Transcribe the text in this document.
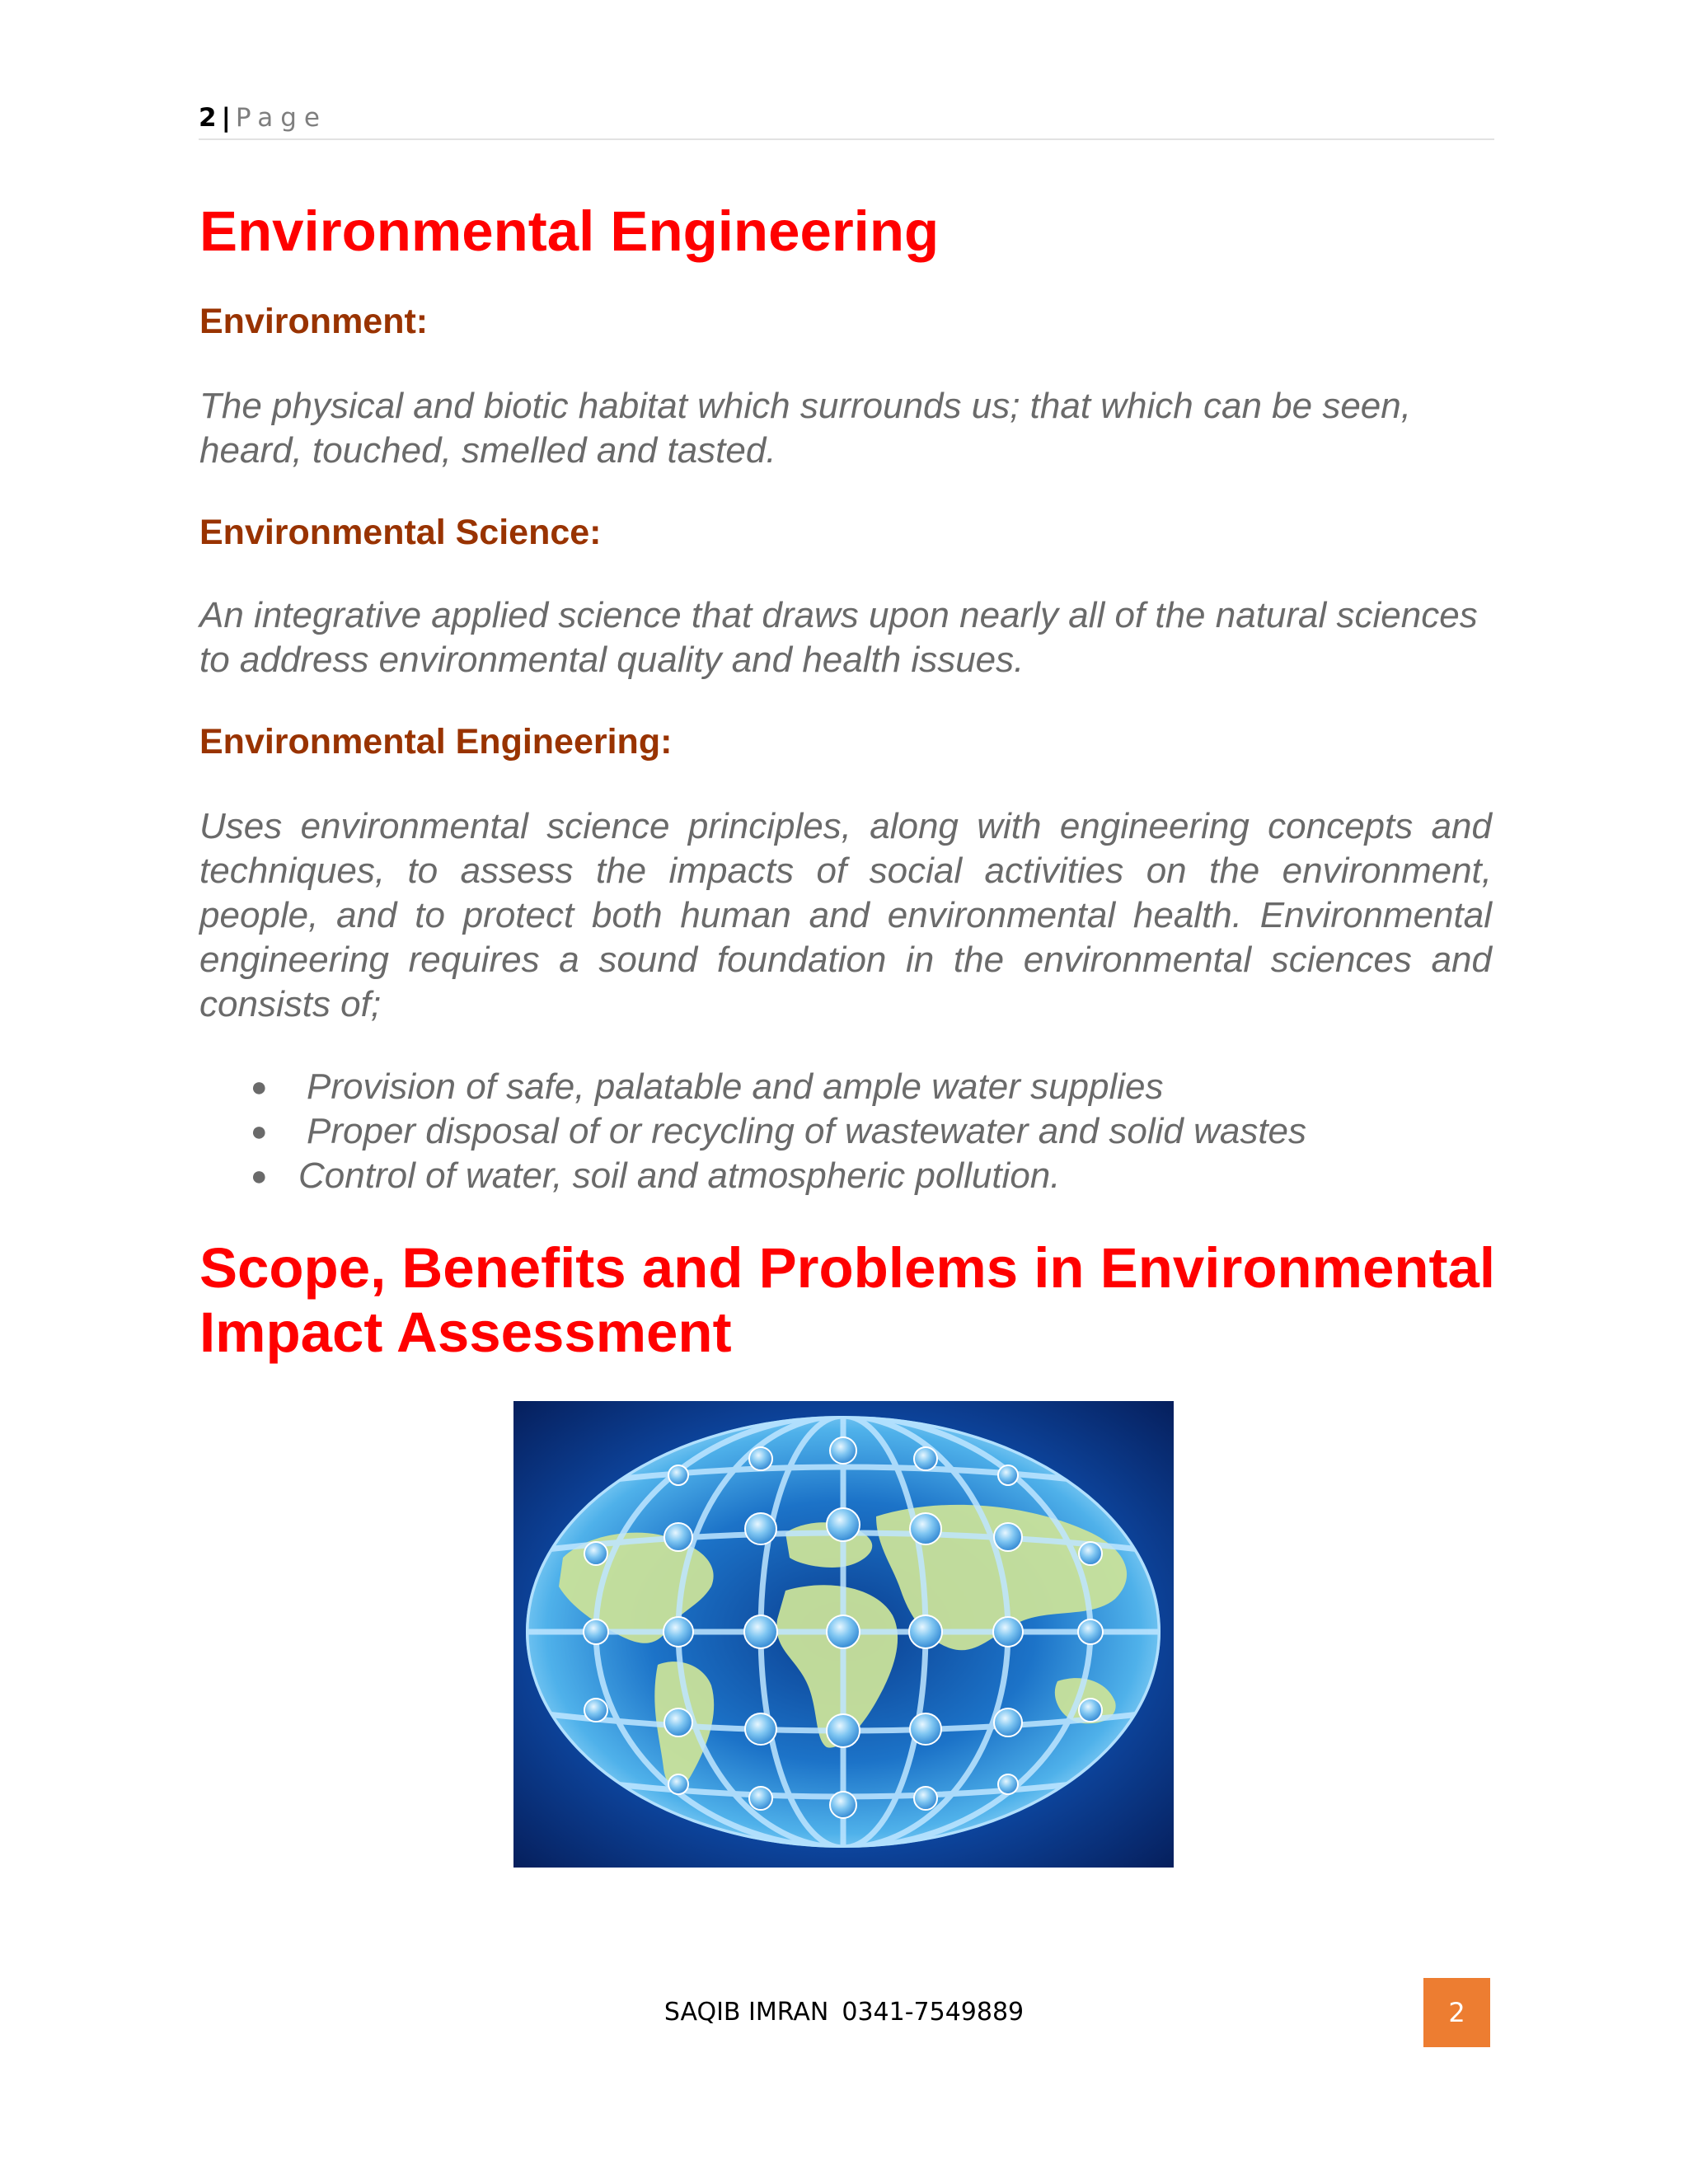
2 | Page
Environmental Engineering
Environment:

The physical and biotic habitat which surrounds us; that which can be seen, heard, touched, smelled and tasted.

Environmental Science:

An integrative applied science that draws upon nearly all of the natural sciences to address environmental quality and health issues.

Environmental Engineering:

Uses environmental science principles, along with engineering concepts and techniques, to assess the impacts of social activities on the environment, people, and to protect both human and environmental health. Environmental engineering requires a sound foundation in the environmental sciences and consists of;

● Provision of safe, palatable and ample water supplies
● Proper disposal of or recycling of wastewater and solid wastes
● Control of water, soil and atmospheric pollution.
Scope, Benefits and Problems in Environmental
Impact Assessment
SAQIB IMRAN 0341-7549889	2
